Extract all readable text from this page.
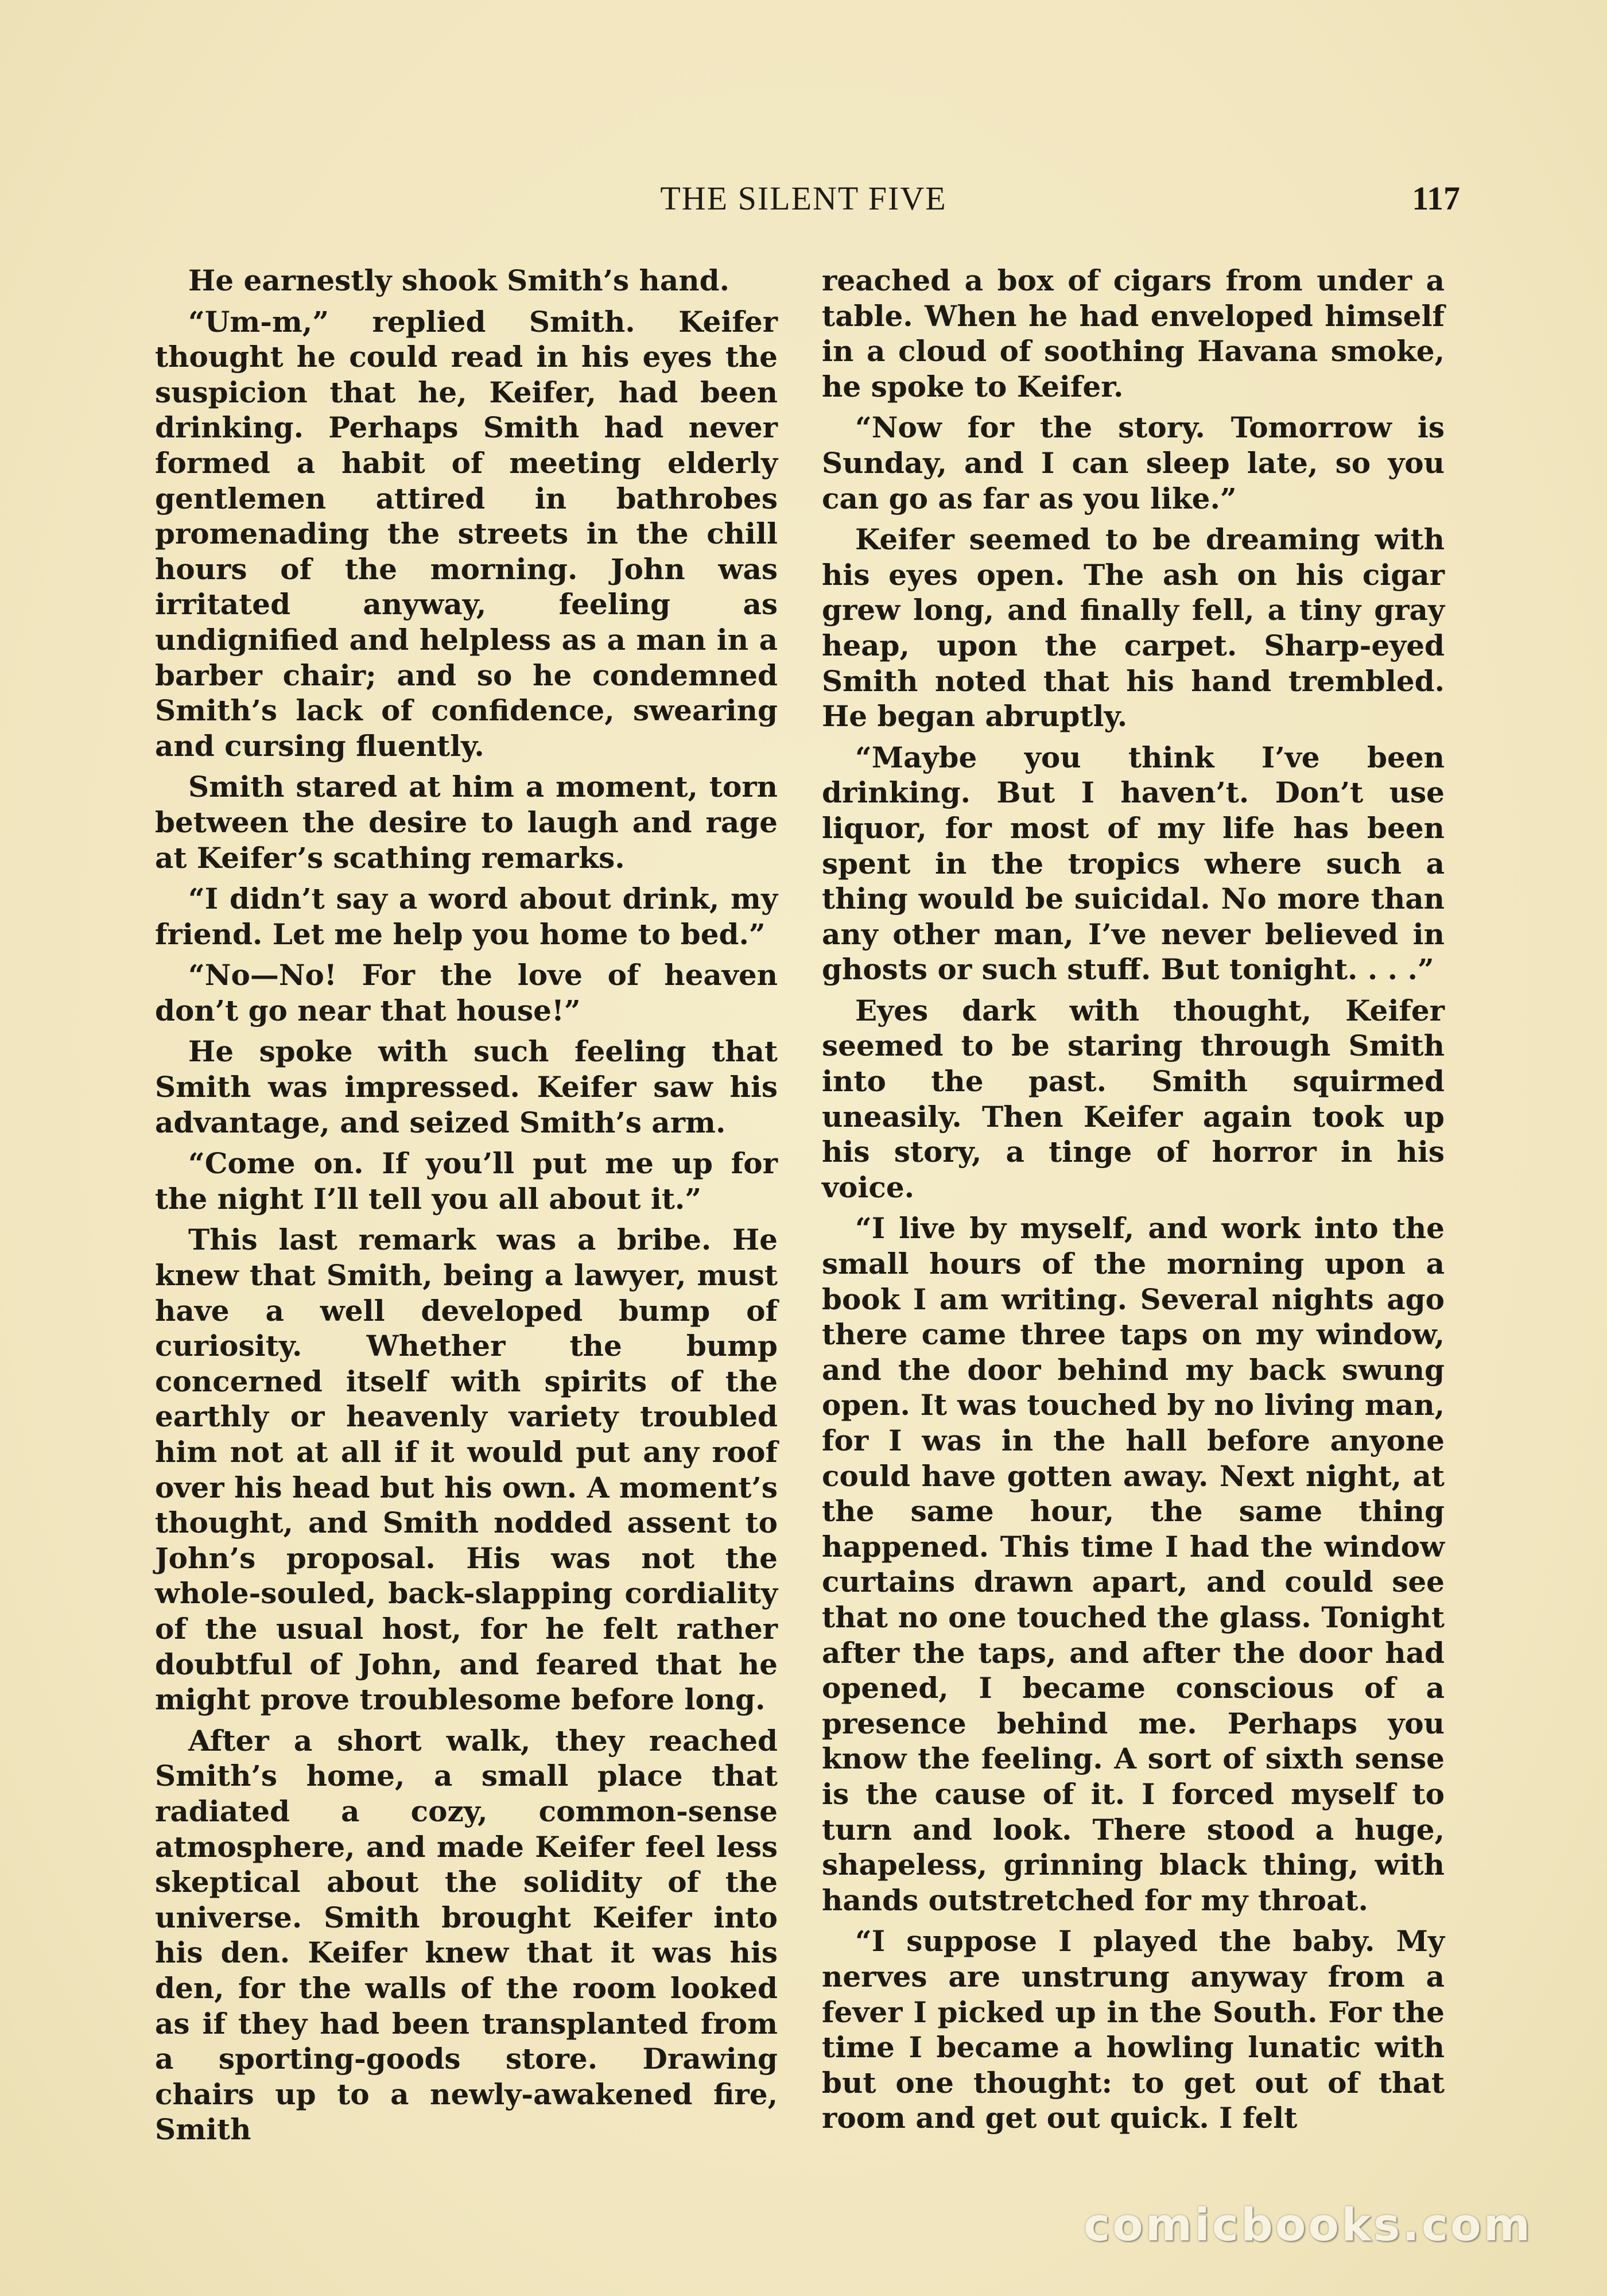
THE SILENT FIVE	117

He earnestly shook Smith’s hand.

“Um-m,” replied Smith. Keifer thought he could read in his eyes the suspicion that he, Keifer, had been drinking. Perhaps Smith had never formed a habit of meeting elderly gentlemen attired in bathrobes promenading the streets in the chill hours of the morning. John was irritated anyway, feeling as undignified and helpless as a man in a barber chair; and so he condemned Smith’s lack of confidence, swearing and cursing fluently.

Smith stared at him a moment, torn between the desire to laugh and rage at Keifer’s scathing remarks.

“I didn’t say a word about drink, my friend. Let me help you home to bed.”

“No—No! For the love of heaven don’t go near that house!”

He spoke with such feeling that Smith was impressed. Keifer saw his advantage, and seized Smith’s arm.

“Come on. If you’ll put me up for the night I’ll tell you all about it.”

This last remark was a bribe. He knew that Smith, being a lawyer, must have a well developed bump of curiosity. Whether the bump concerned itself with spirits of the earthly or heavenly variety troubled him not at all if it would put any roof over his head but his own. A moment’s thought, and Smith nodded assent to John’s proposal. His was not the whole-souled, back-slapping cordiality of the usual host, for he felt rather doubtful of John, and feared that he might prove troublesome before long.

After a short walk, they reached Smith’s home, a small place that radiated a cozy, common-sense atmosphere, and made Keifer feel less skeptical about the solidity of the universe. Smith brought Keifer into his den. Keifer knew that it was his den, for the walls of the room looked as if they had been transplanted from a sporting-goods store. Drawing chairs up to a newly-awakened fire, Smith

reached a box of cigars from under a table. When he had enveloped himself in a cloud of soothing Havana smoke, he spoke to Keifer.

“Now for the story. Tomorrow is Sunday, and I can sleep late, so you can go as far as you like.”

Keifer seemed to be dreaming with his eyes open. The ash on his cigar grew long, and finally fell, a tiny gray heap, upon the carpet. Sharp-eyed Smith noted that his hand trembled. He began abruptly.

“Maybe you think I’ve been drinking. But I haven’t. Don’t use liquor, for most of my life has been spent in the tropics where such a thing would be suicidal. No more than any other man, I’ve never believed in ghosts or such stuff. But tonight. . . .”

Eyes dark with thought, Keifer seemed to be staring through Smith into the past. Smith squirmed uneasily. Then Keifer again took up his story, a tinge of horror in his voice.

“I live by myself, and work into the small hours of the morning upon a book I am writing. Several nights ago there came three taps on my window, and the door behind my back swung open. It was touched by no living man, for I was in the hall before anyone could have gotten away. Next night, at the same hour, the same thing happened. This time I had the window curtains drawn apart, and could see that no one touched the glass. Tonight after the taps, and after the door had opened, I became conscious of a presence behind me. Perhaps you know the feeling. A sort of sixth sense is the cause of it. I forced myself to turn and look. There stood a huge, shapeless, grinning black thing, with hands outstretched for my throat.

“I suppose I played the baby. My nerves are unstrung anyway from a fever I picked up in the South. For the time I became a howling lunatic with but one thought: to get out of that room and get out quick. I felt

comicbooks.com
